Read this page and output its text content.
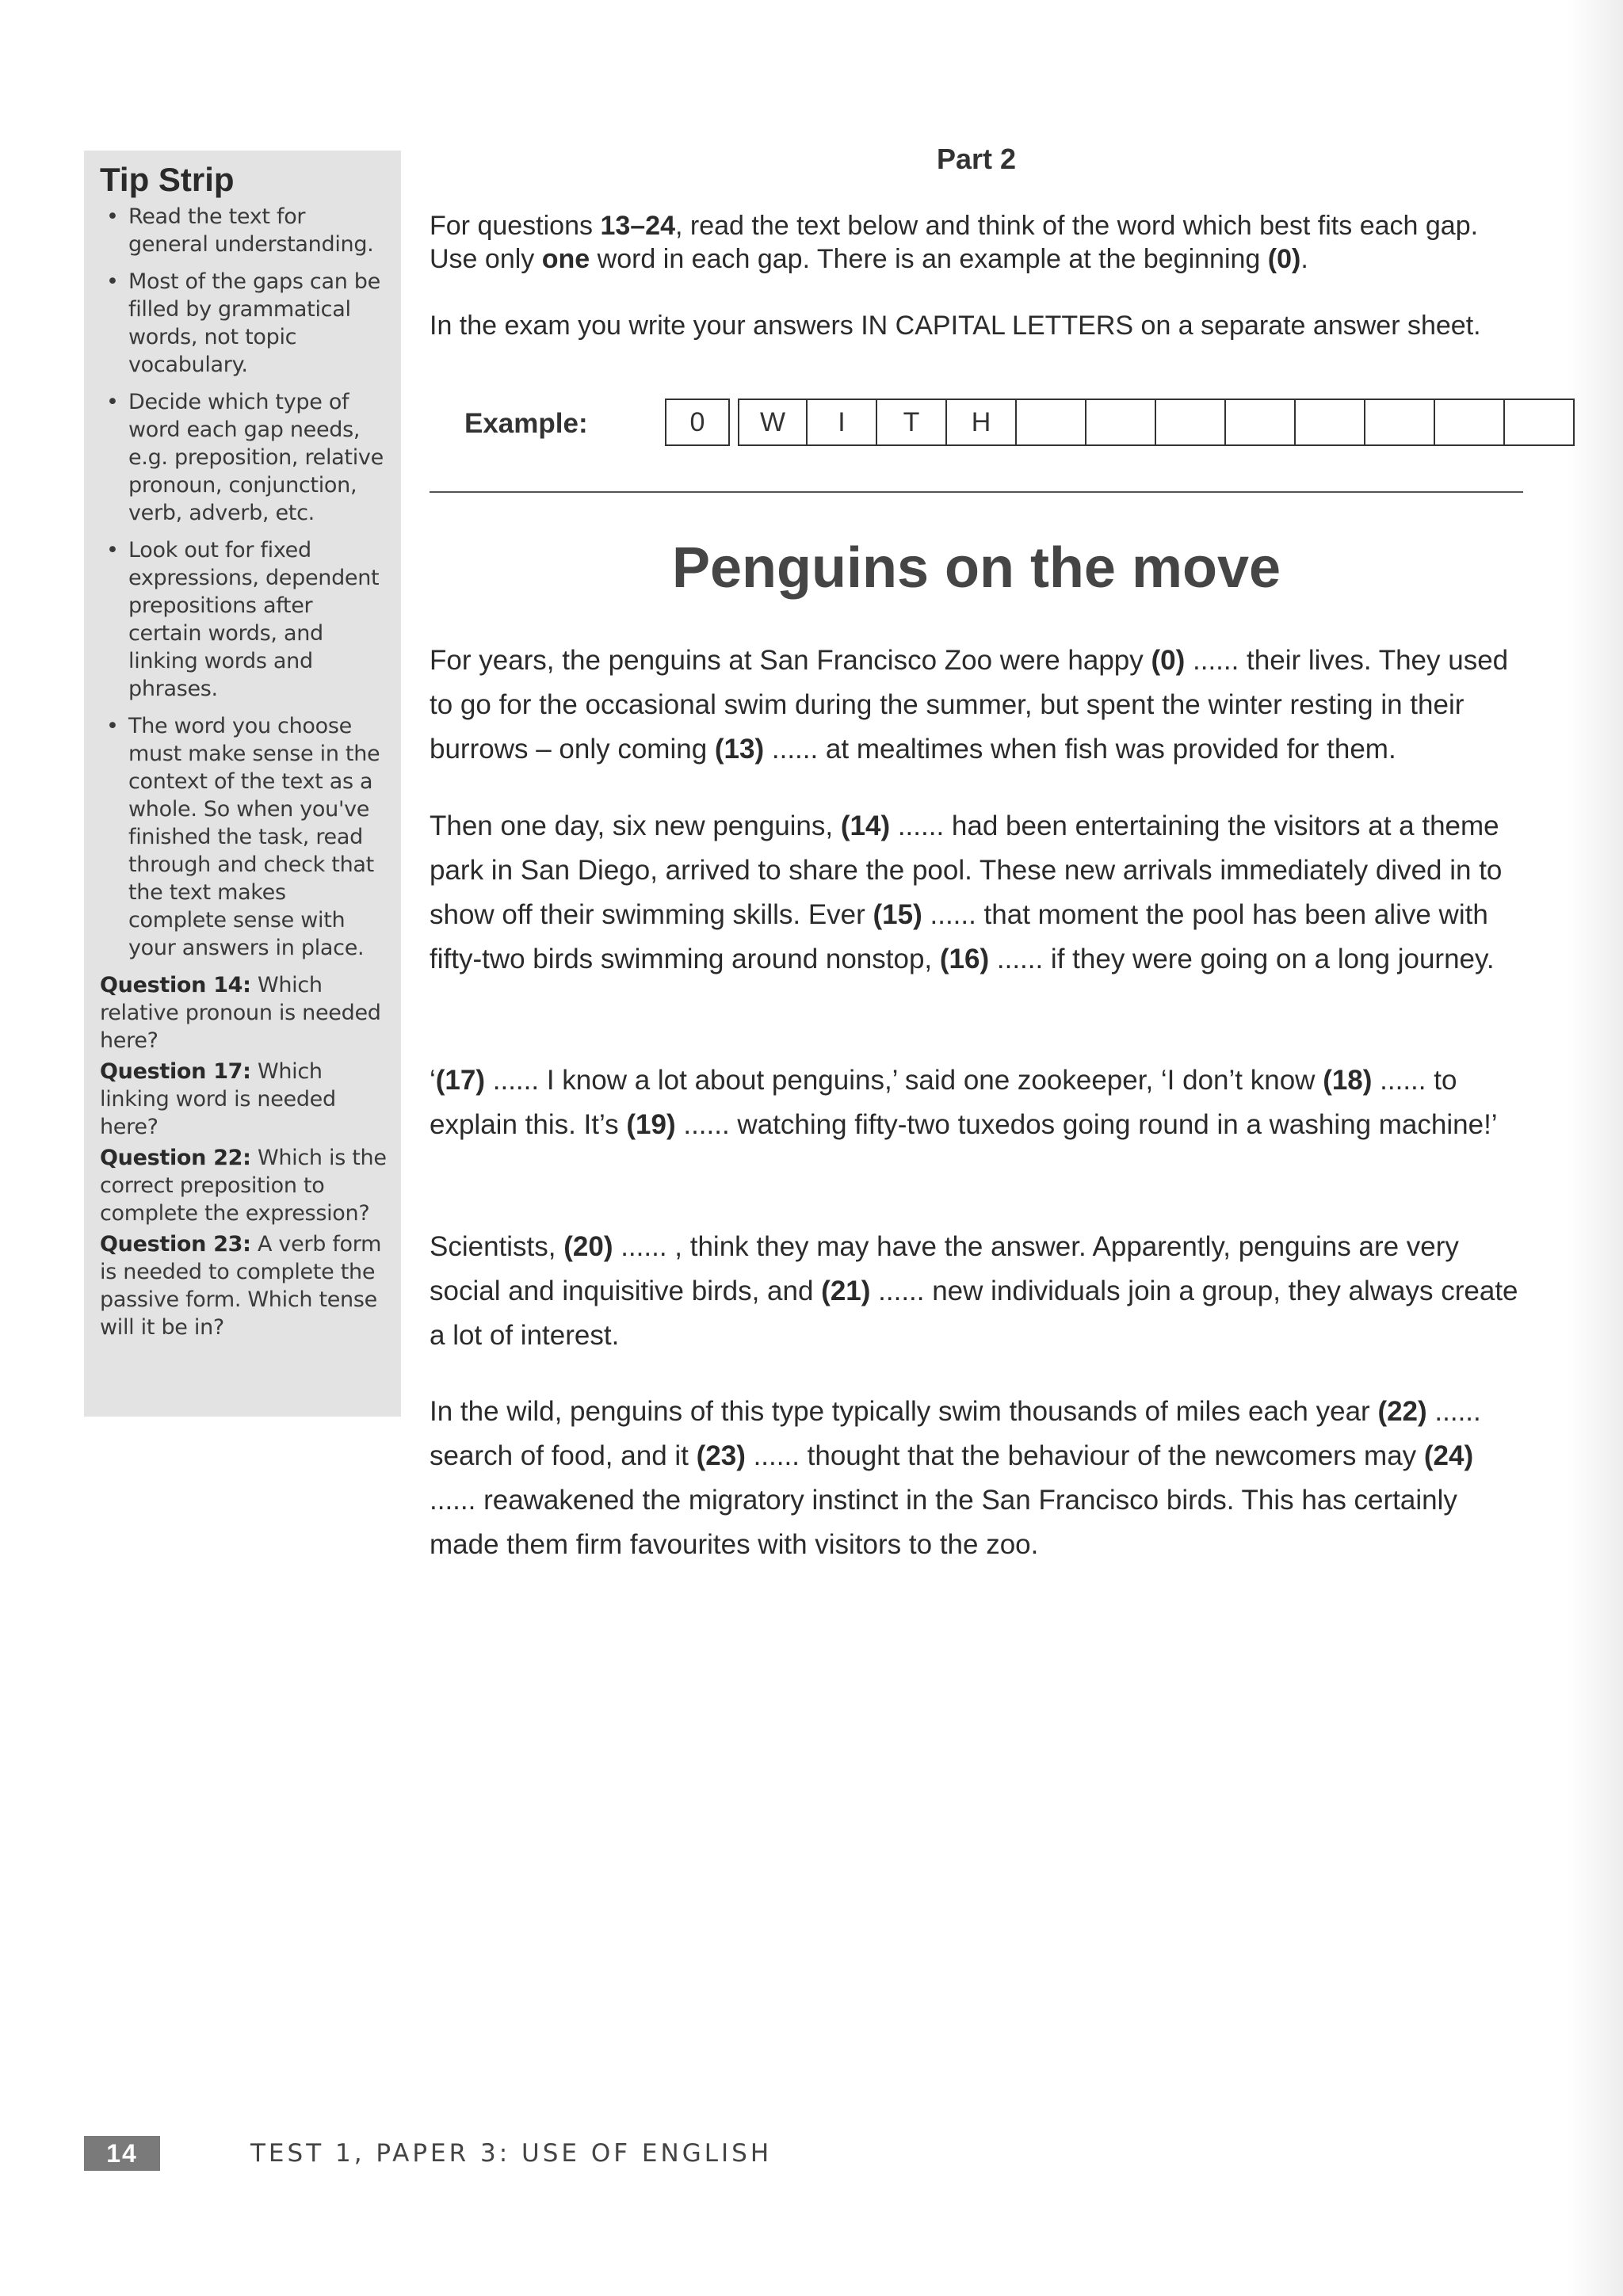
Tip Strip
• Read the text for general understanding.
• Most of the gaps can be filled by grammatical words, not topic vocabulary.
• Decide which type of word each gap needs, e.g. preposition, relative pronoun, conjunction, verb, adverb, etc.
• Look out for fixed expressions, dependent prepositions after certain words, and linking words and phrases.
• The word you choose must make sense in the context of the text as a whole. So when you've finished the task, read through and check that the text makes complete sense with your answers in place.
Question 14: Which relative pronoun is needed here?
Question 17: Which linking word is needed here?
Question 22: Which is the correct preposition to complete the expression?
Question 23: A verb form is needed to complete the passive form. Which tense will it be in?
Part 2

For questions 13–24, read the text below and think of the word which best fits each gap. Use only one word in each gap. There is an example at the beginning (0).

In the exam you write your answers IN CAPITAL LETTERS on a separate answer sheet.

Example:	0	W	I	T	H
Penguins on the move

For years, the penguins at San Francisco Zoo were happy (0) ...... their lives. They used to go for the occasional swim during the summer, but spent the winter resting in their burrows – only coming (13) ...... at mealtimes when fish was provided for them.

Then one day, six new penguins, (14) ...... had been entertaining the visitors at a theme park in San Diego, arrived to share the pool. These new arrivals immediately dived in to show off their swimming skills. Ever (15) ...... that moment the pool has been alive with fifty-two birds swimming around nonstop, (16) ...... if they were going on a long journey.

‘(17) ...... I know a lot about penguins,’ said one zookeeper, ‘I don’t know (18) ...... to explain this. It’s (19) ...... watching fifty-two tuxedos going round in a washing machine!’

Scientists, (20) ...... , think they may have the answer. Apparently, penguins are very social and inquisitive birds, and (21) ...... new individuals join a group, they always create a lot of interest.

In the wild, penguins of this type typically swim thousands of miles each year (22) ...... search of food, and it (23) ...... thought that the behaviour of the newcomers may (24) ...... reawakened the migratory instinct in the San Francisco birds. This has certainly made them firm favourites with visitors to the zoo.

14	TEST 1, PAPER 3: USE OF ENGLISH
